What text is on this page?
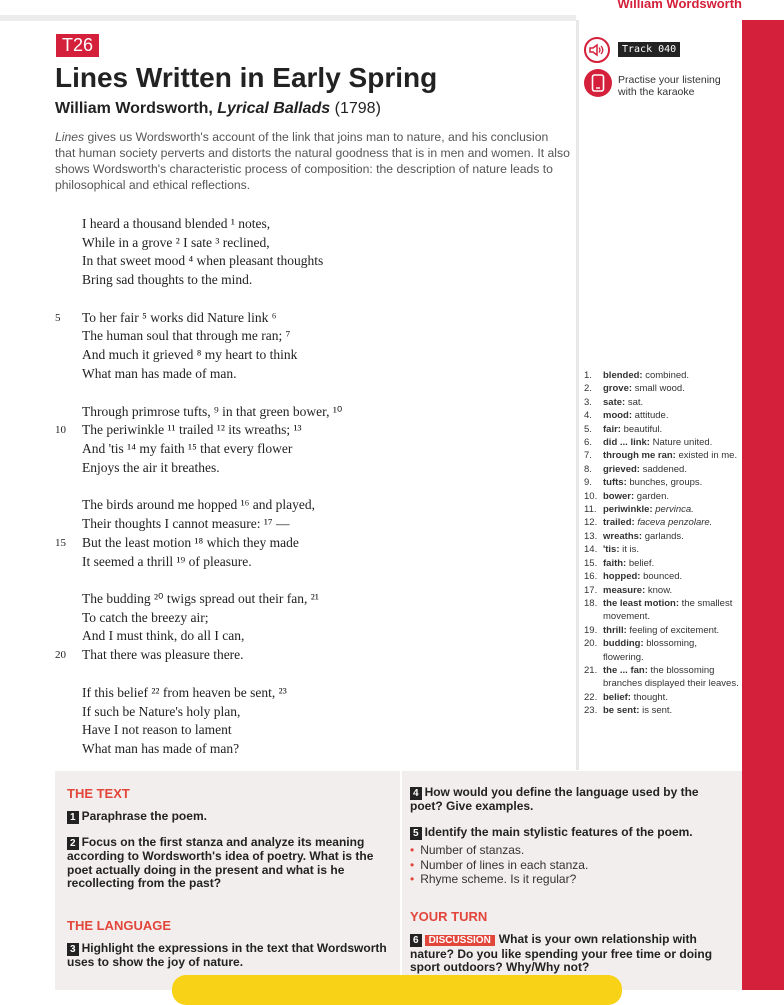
William Wordsworth
T26
Lines Written in Early Spring
William Wordsworth, Lyrical Ballads (1798)
Lines gives us Wordsworth's account of the link that joins man to nature, and his conclusion that human society perverts and distorts the natural goodness that is in men and women. It also shows Wordsworth's characteristic process of composition: the description of nature leads to philosophical and ethical reflections.
Track 040
Practise your listening with the karaoke
5
10
15
20
I heard a thousand blended ¹ notes,
While in a grove ² I sate ³ reclined,
In that sweet mood ⁴ when pleasant thoughts
Bring sad thoughts to the mind.
To her fair ⁵ works did Nature link ⁶
The human soul that through me ran; ⁷
And much it grieved ⁸ my heart to think
What man has made of man.
Through primrose tufts, ⁹ in that green bower, ¹⁰
The periwinkle ¹¹ trailed ¹² its wreaths; ¹³
And 'tis ¹⁴ my faith ¹⁵ that every flower
Enjoys the air it breathes.
The birds around me hopped ¹⁶ and played,
Their thoughts I cannot measure: ¹⁷ —
But the least motion ¹⁸ which they made
It seemed a thrill ¹⁹ of pleasure.
The budding ²⁰ twigs spread out their fan, ²¹
To catch the breezy air;
And I must think, do all I can,
That there was pleasure there.
If this belief ²² from heaven be sent, ²³
If such be Nature's holy plan,
Have I not reason to lament
What man has made of man?
1.	blended: combined.
2.	grove: small wood.
3.	sate: sat.
4.	mood: attitude.
5.	fair: beautiful.
6.	did ... link: Nature united.
7.	through me ran: existed in me.
8.	grieved: saddened.
9.	tufts: bunches, groups.
10. bower: garden.
11. periwinkle: pervinca.
12. trailed: faceva penzolare.
13. wreaths: garlands.
14. 'tis: it is.
15. faith: belief.
16. hopped: bounced.
17. measure: know.
18. the least motion: the smallest movement.
19. thrill: feeling of excitement.
20. budding: blossoming, flowering.
21. the ... fan: the blossoming branches displayed their leaves.
22. belief: thought.
23. be sent: is sent.
THE TEXT
1 Paraphrase the poem.
2 Focus on the first stanza and analyze its meaning according to Wordsworth's idea of poetry. What is the poet actually doing in the present and what is he recollecting from the past?
THE LANGUAGE
3 Highlight the expressions in the text that Wordsworth uses to show the joy of nature.
4 How would you define the language used by the poet? Give examples.
5 Identify the main stylistic features of the poem.
• Number of stanzas.
• Number of lines in each stanza.
• Rhyme scheme. Is it regular?
YOUR TURN
6 DISCUSSION What is your own relationship with nature? Do you like spending your free time or doing sport outdoors? Why/Why not?
